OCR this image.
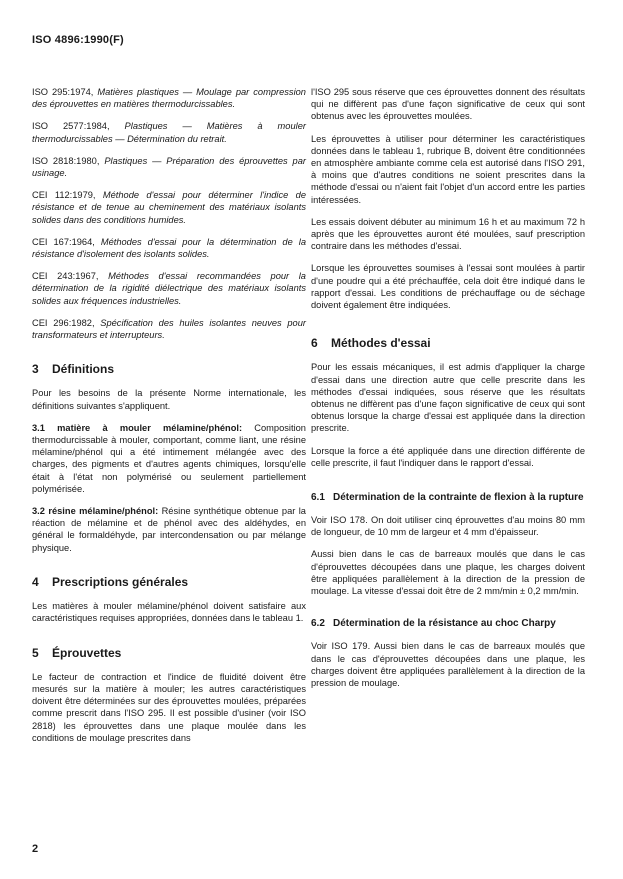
ISO 4896:1990(F)

ISO 295:1974, Matières plastiques — Moulage par compression des éprouvettes en matières thermodurcissables.

ISO 2577:1984, Plastiques — Matières à mouler thermodurcissables — Détermination du retrait.

ISO 2818:1980, Plastiques — Préparation des éprouvettes par usinage.

CEI 112:1979, Méthode d'essai pour déterminer l'indice de résistance et de tenue au cheminement des matériaux isolants solides dans des conditions humides.

CEI 167:1964, Méthodes d'essai pour la détermination de la résistance d'isolement des isolants solides.

CEI 243:1967, Méthodes d'essai recommandées pour la détermination de la rigidité diélectrique des matériaux isolants solides aux fréquences industrielles.

CEI 296:1982, Spécification des huiles isolantes neuves pour transformateurs et interrupteurs.

3 Définitions

Pour les besoins de la présente Norme internationale, les définitions suivantes s'appliquent.

3.1 matière à mouler mélamine/phénol: Composition thermodurcissable à mouler, comportant, comme liant, une résine mélamine/phénol qui a été intimement mélangée avec des charges, des pigments et d'autres agents chimiques, lorsqu'elle était à l'état non polymérisé ou seulement partiellement polymérisée.

3.2 résine mélamine/phénol: Résine synthétique obtenue par la réaction de mélamine et de phénol avec des aldéhydes, en général le formaldéhyde, par intercondensation ou par mélange physique.

4 Prescriptions générales

Les matières à mouler mélamine/phénol doivent satisfaire aux caractéristiques requises appropriées, données dans le tableau 1.

5 Éprouvettes

Le facteur de contraction et l'indice de fluidité doivent être mesurés sur la matière à mouler; les autres caractéristiques doivent être déterminées sur des éprouvettes moulées, préparées comme prescrit dans l'ISO 295. Il est possible d'usiner (voir ISO 2818) les éprouvettes dans une plaque moulée dans les conditions de moulage prescrites dans

l'ISO 295 sous réserve que ces éprouvettes donnent des résultats qui ne diffèrent pas d'une façon significative de ceux qui sont obtenus avec les éprouvettes moulées.

Les éprouvettes à utiliser pour déterminer les caractéristiques données dans le tableau 1, rubrique B, doivent être conditionnées en atmosphère ambiante comme cela est autorisé dans l'ISO 291, à moins que d'autres conditions ne soient prescrites dans la méthode d'essai ou n'aient fait l'objet d'un accord entre les parties intéressées.

Les essais doivent débuter au minimum 16 h et au maximum 72 h après que les éprouvettes auront été moulées, sauf prescription contraire dans les méthodes d'essai.

Lorsque les éprouvettes soumises à l'essai sont moulées à partir d'une poudre qui a été préchauffée, cela doit être indiqué dans le rapport d'essai. Les conditions de préchauffage ou de séchage doivent également être indiquées.

6 Méthodes d'essai

Pour les essais mécaniques, il est admis d'appliquer la charge d'essai dans une direction autre que celle prescrite dans les méthodes d'essai indiquées, sous réserve que les résultats obtenus ne diffèrent pas d'une façon significative de ceux qui sont obtenus lorsque la charge d'essai est appliquée dans la direction prescrite.

Lorsque la force a été appliquée dans une direction différente de celle prescrite, il faut l'indiquer dans le rapport d'essai.

6.1 Détermination de la contrainte de flexion à la rupture

Voir ISO 178. On doit utiliser cinq éprouvettes d'au moins 80 mm de longueur, de 10 mm de largeur et 4 mm d'épaisseur.

Aussi bien dans le cas de barreaux moulés que dans le cas d'éprouvettes découpées dans une plaque, les charges doivent être appliquées parallèlement à la direction de la pression de moulage. La vitesse d'essai doit être de 2 mm/min ± 0,2 mm/min.

6.2 Détermination de la résistance au choc Charpy

Voir ISO 179. Aussi bien dans le cas de barreaux moulés que dans le cas d'éprouvettes découpées dans une plaque, les charges doivent être appliquées parallèlement à la direction de la pression de moulage.

2
